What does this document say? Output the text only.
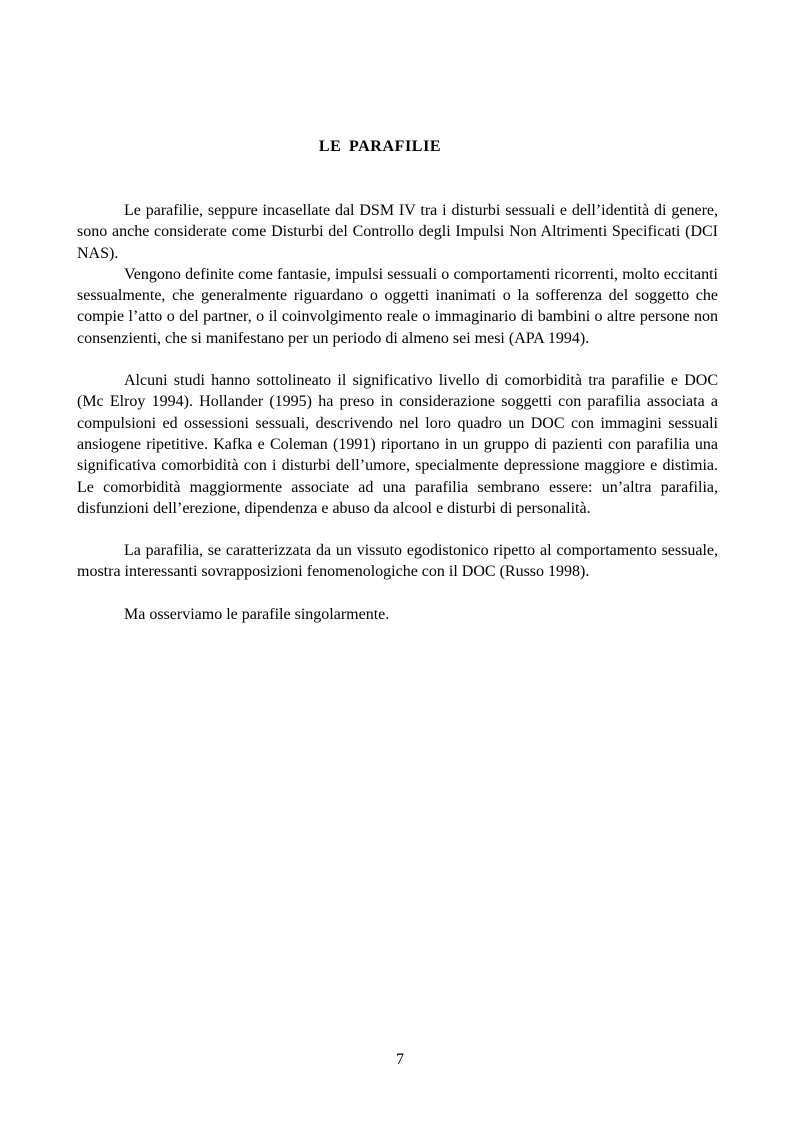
LE PARAFILIE

Le parafilie, seppure incasellate dal DSM IV tra i disturbi sessuali e dell’identità di genere, sono anche considerate come Disturbi del Controllo degli Impulsi Non Altrimenti Specificati (DCI NAS).

Vengono definite come fantasie, impulsi sessuali o comportamenti ricorrenti, molto eccitanti sessualmente, che generalmente riguardano o oggetti inanimati o la sofferenza del soggetto che compie l’atto o del partner, o il coinvolgimento reale o immaginario di bambini o altre persone non consenzienti, che si manifestano per un periodo di almeno sei mesi (APA 1994).

Alcuni studi hanno sottolineato il significativo livello di comorbidità tra parafilie e DOC (Mc Elroy 1994). Hollander (1995) ha preso in considerazione soggetti con parafilia associata a compulsioni ed ossessioni sessuali, descrivendo nel loro quadro un DOC con immagini sessuali ansiogene ripetitive. Kafka e Coleman (1991) riportano in un gruppo di pazienti con parafilia una significativa comorbidità con i disturbi dell’umore, specialmente depressione maggiore e distimia. Le comorbidità maggiormente associate ad una parafilia sembrano essere: un’altra parafilia, disfunzioni dell’erezione, dipendenza e abuso da alcool e disturbi di personalità.

La parafilia, se caratterizzata da un vissuto egodistonico ripetto al comportamento sessuale, mostra interessanti sovrapposizioni fenomenologiche con il DOC (Russo 1998).

Ma osserviamo le parafile singolarmente.

7
